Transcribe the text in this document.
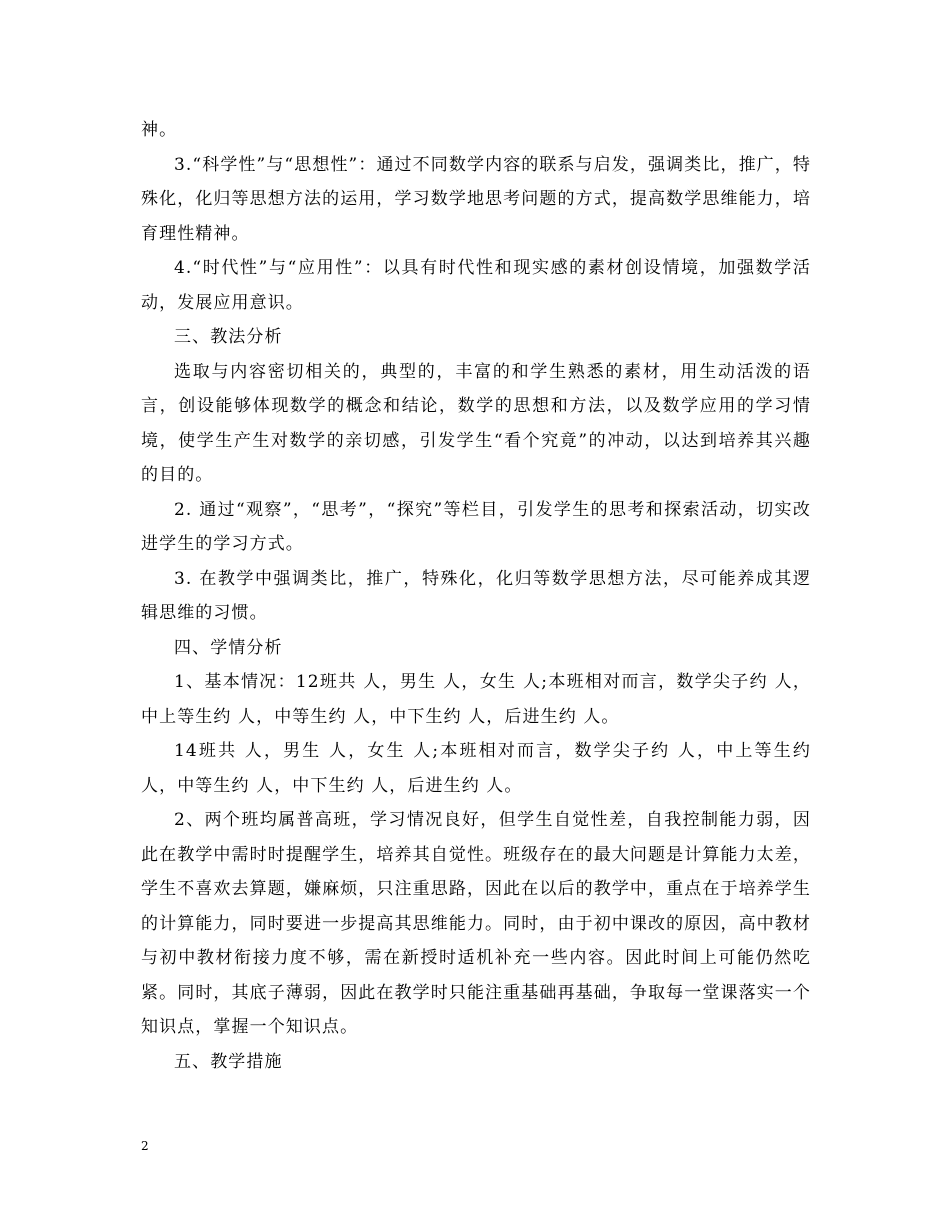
神。

3.“科学性”与“思想性”：通过不同数学内容的联系与启发，强调类比，推广，特殊化，化归等思想方法的运用，学习数学地思考问题的方式，提高数学思维能力，培育理性精神。

4.“时代性”与“应用性”：以具有时代性和现实感的素材创设情境，加强数学活动，发展应用意识。

三、教法分析

选取与内容密切相关的，典型的，丰富的和学生熟悉的素材，用生动活泼的语言，创设能够体现数学的概念和结论，数学的思想和方法，以及数学应用的学习情境，使学生产生对数学的亲切感，引发学生“看个究竟”的冲动，以达到培养其兴趣的目的。

2. 通过“观察”，“思考”，“探究”等栏目，引发学生的思考和探索活动，切实改进学生的学习方式。

3. 在教学中强调类比，推广，特殊化，化归等数学思想方法，尽可能养成其逻辑思维的习惯。

四、学情分析

1、基本情况：12班共 人，男生 人，女生 人;本班相对而言，数学尖子约 人，中上等生约 人，中等生约 人，中下生约 人，后进生约 人。

14班共 人，男生 人，女生 人;本班相对而言，数学尖子约 人，中上等生约 人，中等生约 人，中下生约 人，后进生约 人。

2、两个班均属普高班，学习情况良好，但学生自觉性差，自我控制能力弱，因此在教学中需时时提醒学生，培养其自觉性。班级存在的最大问题是计算能力太差，学生不喜欢去算题，嫌麻烦，只注重思路，因此在以后的教学中，重点在于培养学生的计算能力，同时要进一步提高其思维能力。同时，由于初中课改的原因，高中教材与初中教材衔接力度不够，需在新授时适机补充一些内容。因此时间上可能仍然吃紧。同时，其底子薄弱，因此在教学时只能注重基础再基础，争取每一堂课落实一个知识点，掌握一个知识点。

五、教学措施

2
